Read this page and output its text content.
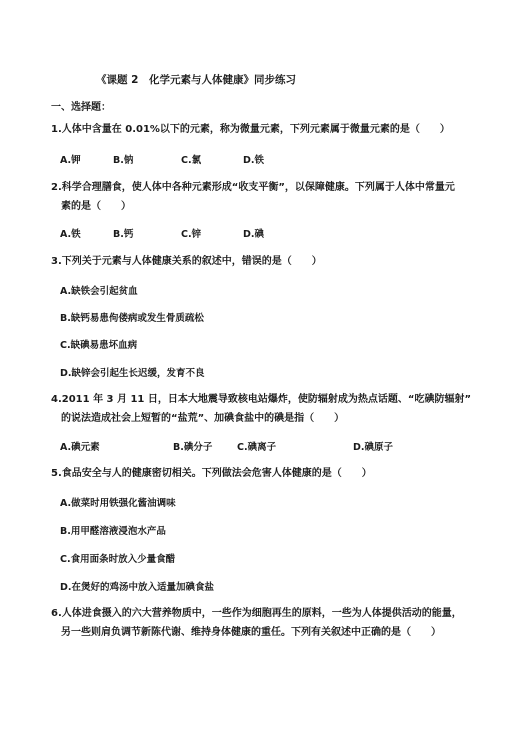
《课题 2　化学元素与人体健康》同步练习
一、选择题：
1.人体中含量在 0.01%以下的元素，称为微量元素，下列元素属于微量元素的是（　　）
A.钾	B.钠	C.氯	D.铁
2.科学合理膳食，使人体中各种元素形成“收支平衡”，以保障健康。下列属于人体中常量元
素的是（　　）
A.铁	B.钙	C.锌	D.碘
3.下列关于元素与人体健康关系的叙述中，错误的是（　　）
A.缺铁会引起贫血
B.缺钙易患佝偻病或发生骨质疏松
C.缺碘易患坏血病
D.缺锌会引起生长迟缓，发育不良
4.2011 年 3 月 11 日，日本大地震导致核电站爆炸，使防辐射成为热点话题、“吃碘防辐射”
的说法造成社会上短暂的“盐荒”、加碘食盐中的碘是指（　　）
A.碘元素	B.碘分子	C.碘离子	D.碘原子
5.食品安全与人的健康密切相关。下列做法会危害人体健康的是（　　）
A.做菜时用铁强化酱油调味
B.用甲醛溶液浸泡水产品
C.食用面条时放入少量食醋
D.在煲好的鸡汤中放入适量加碘食盐
6.人体进食摄入的六大营养物质中，一些作为细胞再生的原料，一些为人体提供活动的能量，
另一些则肩负调节新陈代谢、维持身体健康的重任。下列有关叙述中正确的是（　　）
